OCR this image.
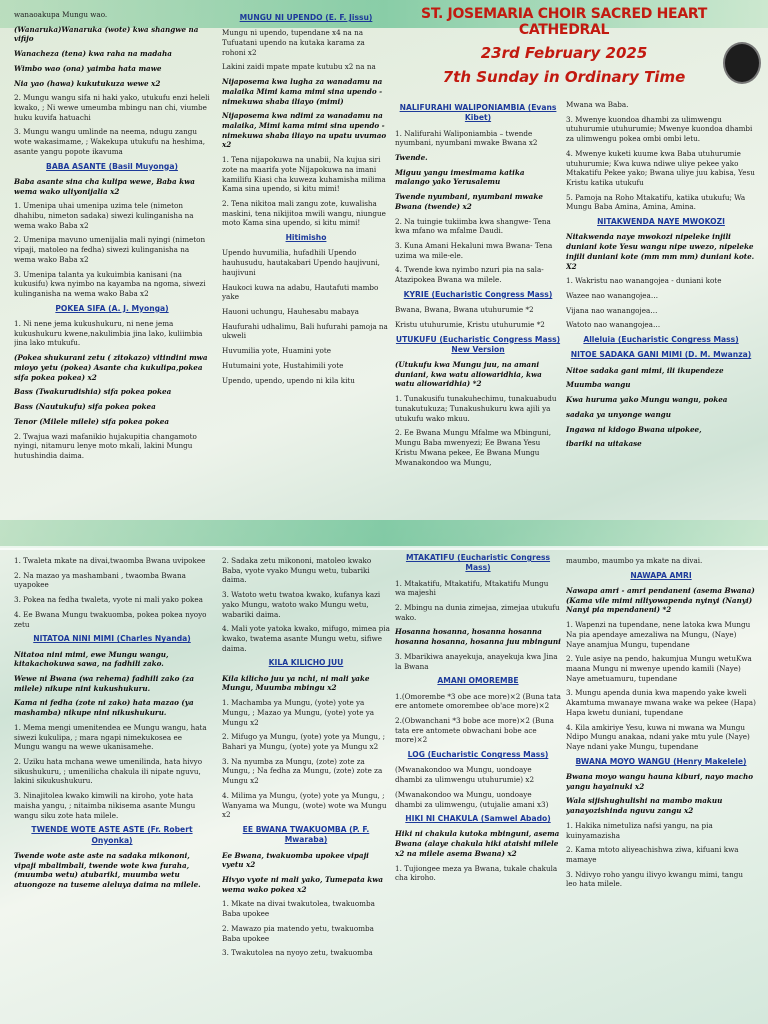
ST. JOSEMARIA CHOIR SACRED HEART CATHEDRAL
23rd February 2025
7th Sunday in Ordinary Time

wanaoakupa Mungu wao.

(Wanaruka)Wanaruka (wote) kwa shangwe na vifijo

Wanachezа (tena) kwa raha na madaha

Wimbo wao (ona) yaimba hata mawe

Nia yao (hawa) kukutukuza wewe x2

2. Mungu wangu sifa ni haki yako, utukufu enzi heleli kwako, ; Ni wewe umeumba mbingu nan chi, viumbe huku kuvifa hatuachi

3. Mungu wangu umlinde na neema, ndugu zangu wote wakasimame, ; Wakekupa utukufu na heshima, asante yangu popote ikavuma

BABA ASANTE (Basil Muyonga)

Baba asante sina cha kulipa wewe, Baba kwa wema wako uliyonijalia x2

1. Umenipa uhai umenipa uzima tele (nimeton dhahibu, nimeton sadaka) siwezi kulinganisha na wema wako Baba x2

2. Umenipa mavuno umenijalia mali nyingi (nimeton vipaji, matoleo na fedha) siwezi kulinganisha na wema wako Baba x2

3. Umenipa talanta ya kukuimbia kanisani (na kukusifu) kwa nyimbo na kayamba na ngoma, siwezi kulinganisha na wema wako Baba x2

POKEA SIFA (A. J. Myonga)

1. Ni nene jema kukushukuru, ni nene jema kukushukuru kwene,nakulimbia jina lako, kuliimbia jina lako mtukufu.

(Pokea shukurani zetu ( zitokazo) vitindini mwa mioyo yetu (pokea) Asante cha kukulipa,pokea sifa pokea pokea) x2

Bass (Twakurudishia) sifa pokea pokea

Bass (Nautukufu) sifa pokea pokea

Tenor (Milele milele) sifa pokea pokea

2. Twajua wazi mafanikio hujakupitia changamoto nyingi, nitamuru lenye moto mkali, lakini Mungu hutushindia daima.

MUNGU NI UPENDO (E. F. Jissu)

Mungu ni upendo, tupendane x4 na na Tufuatani upendo na kutaka karama za rohoni x2

Lakini zaidi mpate mpate kutubu x2 na na

Nijaposema kwa lugha za wanadamu na malaika Mimi kama mimi sina upendo - nimekuwa shaba iliayo (mimi)

Nijaposema kwa ndimi za wanadamu na malaika, Mimi kama mimi sina upendo - nimekuwa shaba iliayo na upatu uvumao x2

1. Tena nijapokuwa na unabii, Na kujua siri zote na maarifa yote Nijapokuwa na imani kamilifu Kiasi cha kuweza kuhamisha milima Kama sina upendo, si kitu mimi!

2. Tena nikitoa mali zangu zote, kuwalisha maskini, tena nikijitoa mwili wangu, niungue moto Kama sina upendo, si kitu mimi!

Hitimisho

Upendo huvumilia, hufadhili Upendo hauhusudu, hautakabari Upendo haujivuni, haujivuni

Haukoсi kuwa na adabu, Hautafuti mambo yake

Hauoni uchungu, Hauhesabu mabaya

Haufurahi udhalimu, Bali hufurahi pamoja na ukweli

Huvumilia yote, Huamini yote

Hutumaini yote, Hustahimili yote

Upendo, upendo, upendo ni kila kitu

NALIFURAHI WALIPONIAMBIA (Evans Kibet)

1. Nalifurahi Waliponiambia – twende nyumbani, nyumbani mwake Bwana x2

Twende.

Miguu yangu imesimama katika malango yako Yerusalemu

Twende nyumbani, nyumbani mwake Bwana (twende) x2

2. Na tuingie tukiimba kwa shangwe- Tena kwa mfano wa mfalme Daudi.

3. Kuna Amani Hekaluni mwa Bwana- Tena uzima wa mile-ele.

4. Twende kwa nyimbo nzuri pia na sala- Atazipokea Bwana wa milele.

KYRIE (Eucharistic Congress Mass)

Bwana, Bwana, Bwana utuhurumie *2

Kristu utuhurumie, Kristu utuhurumie *2

UTUKUFU (Eucharistic Congress Mass) New Version

(Utukufu kwa Mungu juu, na amani duniani, kwa watu aliowaridhia, kwa watu aliowaridhia) *2

1. Tunakusifu tunakuhechimu, tunakuabudu tunakutukuza; Tunakushukuru kwa ajili ya utukufu wako mkuu.

2. Ee Bwana Mungu Mfalme wa Mbinguni, Mungu Baba mwenyezi; Ee Bwana Yesu Kristu Mwana pekee, Ee Bwana Mungu Mwanakondoo wa Mungu,

Mwana wa Baba.

3. Mwenye kuondoa dhambi za ulimwengu utuhurumie utuhurumie; Mwenye kuondoa dhambi za ulimwengu pokea ombi ombi letu.

4. Mwenye kuketi kuume kwa Baba utuhurumie utuhurumie; Kwa kuwa ndiwe uliye pekee yako Mtakatifu Pekee yako; Bwana uliye juu kabisa, Yesu Kristu katika utukufu

5. Pamoja na Roho Mtakatifu, katika utukufu; Wa Mungu Baba Amina, Amina, Amina.

NITAKWENDA NAYE MWOKOZI

Nitakwenda naye mwokozi nipeleke injili duniani kote Yesu wangu nipe uwezo, nipeleke injili duniani kote (mm mm mm) duniani kote. X2

1. Wakristu nao wanangojea - duniani kote

Wazee nao wanangojea…

Vijana nao wanangojea…

Watoto nao wanangojea…

Alleluia (Eucharistic Congress Mass)
NITOE SADAKA GANI MIMI (D. M. Mwanza)

Nitoe sadaka gani mimi, ili ikupendeze

Muumba wangu

Kwa huruma yako Mungu wangu, pokea

sadaka ya unyonge wangu

Ingawa ni kidogo Bwana uipokee,

ibariki na uitakase

1. Twaleta mkate na divai,twaomba Bwana uvipokee

2. Na mazao ya mashambani , twaomba Bwana uyapokee

3. Pokea na fedha twaleta, vyote ni mali yako pokea

4. Ee Bwana Mungu twakuomba, pokea pokea nyoyo zetu

NITATOA NINI MIMI (Charles Nyanda)

Nitatoa nini mimi, ewe Mungu wangu, kitakachokuwa sawa, na fadhili zako.

Wewe ni Bwana (wa rehema) fadhili zako (za milele) nikupe nini kukushukuru.

Kama ni fedha (zote ni zako) hata mazao (ya mashamba) nikupe nini nikushukuru.

1. Mema mengi umenitendea ee Mungu wangu, hata siwezi kukulipa, ; mara ngapi nimekukosea ee Mungu wangu na wewe ukanisamehe.

2. Uziku hata mchana wewe umenilinda, hata hivyo sikushukuru, ; umenilicha chakula ili nipate nguvu, lakini sikukushukuru.

3. Ninajitolea kwako kimwili na kiroho, yote hata maisha yangu, ; nitaimba nikisema asante Mungu wangu siku zote hata milele.

TWENDE WOTE ASTE ASTE (Fr. Robert Onyonka)

Twende wote aste aste na sadaka mikononi, vipaji mbalimbali, twende wote kwa furaha, (muumba wetu) atubariki, muumba wetu atuongoze na tuseme aleluya daima na milele.

2. Sadaka zetu mikononi, matoleo kwako Baba, vyote vyako Mungu wetu, tubariki daima.

3. Watoto wetu twatoa kwako, kufanya kazi yako Mungu, watoto wako Mungu wetu, wabariki daima.

4. Mali yote yatoka kwako, mifugo, mimea pia kwako, twatema asante Mungu wetu, sifiwe daima.

KILA KILICHO JUU

Kila kilicho juu ya nchi, ni mali yake Mungu, Muumba mbingu x2

1. Machamba ya Mungu, (yote) yote ya Mungu, ; Mazao ya Mungu, (yote) yote ya Mungu x2

2. Mifugo ya Mungu, (yote) yote ya Mungu, ; Bahari ya Mungu, (yote) yote ya Mungu x2

3. Na nyumba za Mungu, (zote) zote za Mungu, ; Na fedha za Mungu, (zote) zote za Mungu x2

4. Milima ya Mungu, (yote) yote ya Mungu, ; Wanyama wa Mungu, (wote) wote wa Mungu x2

EE BWANA TWAKUOMBA (P. F. Mwaraba)

Ee Bwana, twakuomba upokee vipaji vyetu x2

Hivyo vyote ni mali yako, Tumepata kwa wema wako pokea x2

1. Mkate na divai twakutolea, twakuomba Baba upokee

2. Mawazo pia matendo yetu, twakuomba Baba upokee

3. Twakutolea na nyoyo zetu, twakuomba

MTAKATIFU (Eucharistic Congress Mass)

1. Mtakatifu, Mtakatifu, Mtakatifu Mungu wa majeshi

2. Mbingu na dunia zimejaa, zimejaa utukufu wako.

Hosanna hosanna, hosanna hosanna hosanna hosanna, hosanna juu mbinguni

3. Mbarikiwa anayekuja, anayekuja kwa Jina la Bwana

AMANI OMOREMBE

1.(Omorembe *3 obe ace more)×2 (Buna tata ere antomete omorembee ob'ace more)×2

2.(Obwanchani *3 bobe ace more)×2 (Buna tata ere antomete obwachani bobe ace more)×2

LOG (Eucharistic Congress Mass)

(Mwanakondoo wa Mungu, uondoaye dhambi za ulimwengu utuhurumie) x2

(Mwanakondoo wa Mungu, uondoaye dhambi za ulimwengu, (utujalie amani x3)

HIKI NI CHAKULA (Samwel Abado)

Hiki ni chakula kutoka mbinguni, asema Bwana (alaye chakula hiki ataishi milele x2 na milele asema Bwana) x2

1. Tujiongee meza ya Bwana, tukale chakula cha kiroho.

maumbo, maumbo ya mkate na divai.

NAWAPA AMRI

Nawapa amri - amri pendaneni (asema Bwana) (Kama vile mimi niliyowapenda nyinyi (Nanyi) Nanyi pia mpendaneni) *2

1. Wapenzi na tupendane, nene latoka kwa Mungu Na pia apendaye amezaliwa na Mungu, (Naye) Naye anamjua Mungu, tupendane

2. Yule asiye na pendo, hakumjua Mungu wetuKwa maana Mungu ni mwenye upendo kamili (Naye) Naye ametuamuru, tupendane

3. Mungu apenda dunia kwa mapendo yake kweli Akamtuma mwanaye mwana wake wa pekee (Hapa) Hapa kwetu duniani, tupendane

4. Kila amkiriye Yesu, kuwa ni mwana wa Mungu Ndipo Mungu anakaa, ndani yake mtu yule (Naye) Naye ndani yake Mungu, tupendane

BWANA MOYO WANGU (Henry Makelele)

Bwana moyo wangu hauna kiburi, nayo macho yangu hayainuki x2

Wala sijishughulishi na mambo makuu yanayozishinda nguvu zangu x2

1. Hakika nimetuliza nafsi yangu, na pia kuinyamazisha

2. Kama mtoto aliyeachishwa ziwa, kifuani kwa mamaye

3. Ndivyo roho yangu ilivyo kwangu mimi, tangu leo hata milele.
